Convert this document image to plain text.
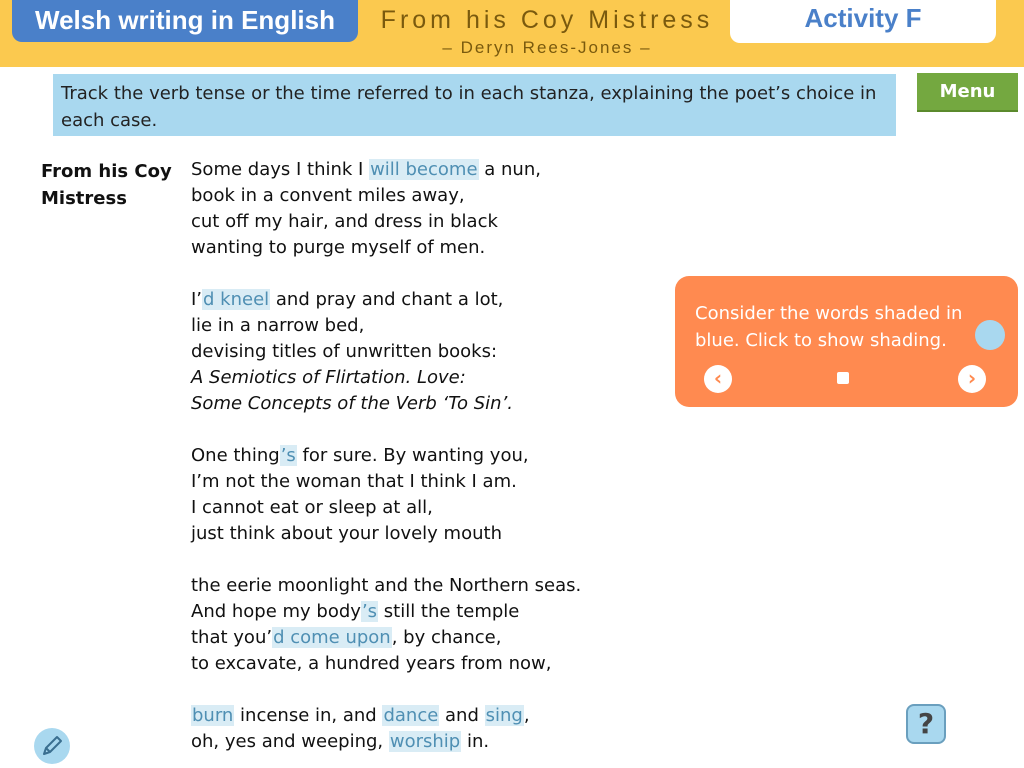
Welsh writing in English	From his Coy Mistress
– Deryn Rees-Jones –
Activity F
Track the verb tense or the time referred to in each stanza, explaining the poet’s choice in each case.
Menu
From his Coy Mistress
Some days I think I will become a nun,
book in a convent miles away,
cut off my hair, and dress in black
wanting to purge myself of men.
I’d kneel and pray and chant a lot,
lie in a narrow bed,
devising titles of unwritten books:
A Semiotics of Flirtation. Love:
Some Concepts of the Verb ‘To Sin’.
One thing’s for sure. By wanting you,
I’m not the woman that I think I am.
I cannot eat or sleep at all,
just think about your lovely mouth
the eerie moonlight and the Northern seas.
And hope my body’s still the temple
that you’d come upon, by chance,
to excavate, a hundred years from now,
burn incense in, and dance and sing,
oh, yes and weeping, worship in.
Consider the words shaded in blue. Click to show shading.
‹	›
?
